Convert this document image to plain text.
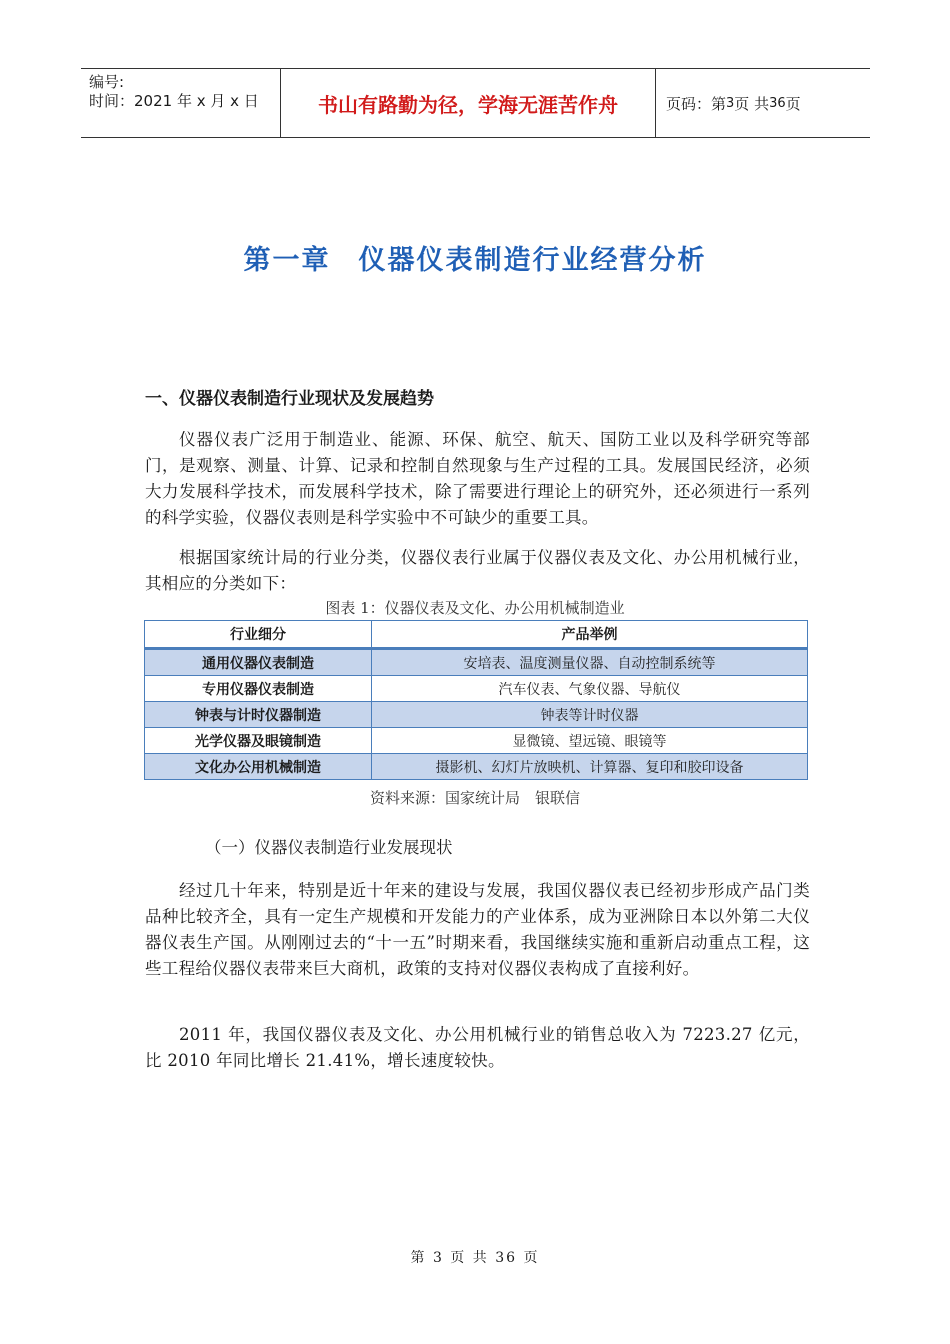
编号:
时间：2021 年 x 月 x 日	书山有路勤为径，学海无涯苦作舟	页码：第 3 页 共 36 页
第一章 仪器仪表制造行业经营分析
一、仪器仪表制造行业现状及发展趋势
仪器仪表广泛用于制造业、能源、环保、航空、航天、国防工业以及科学研究等部门，是观察、测量、计算、记录和控制自然现象与生产过程的工具。发展国民经济，必须大力发展科学技术，而发展科学技术，除了需要进行理论上的研究外，还必须进行一系列的科学实验，仪器仪表则是科学实验中不可缺少的重要工具。
根据国家统计局的行业分类，仪器仪表行业属于仪器仪表及文化、办公用机械行业，其相应的分类如下：
图表 1：仪器仪表及文化、办公用机械制造业
行业细分	产品举例
通用仪器仪表制造	安培表、温度测量仪器、自动控制系统等
专用仪器仪表制造	汽车仪表、气象仪器、导航仪
钟表与计时仪器制造	钟表等计时仪器
光学仪器及眼镜制造	显微镜、望远镜、眼镜等
文化办公用机械制造	摄影机、幻灯片放映机、计算器、复印和胶印设备
资料来源：国家统计局　银联信
（一）仪器仪表制造行业发展现状
经过几十年来，特别是近十年来的建设与发展，我国仪器仪表已经初步形成产品门类品种比较齐全，具有一定生产规模和开发能力的产业体系，成为亚洲除日本以外第二大仪器仪表生产国。从刚刚过去的“十一五”时期来看，我国继续实施和重新启动重点工程，这些工程给仪器仪表带来巨大商机，政策的支持对仪器仪表构成了直接利好。
2011 年，我国仪器仪表及文化、办公用机械行业的销售总收入为 7223.27 亿元，比 2010 年同比增长 21.41%，增长速度较快。
第 3 页 共 36 页
